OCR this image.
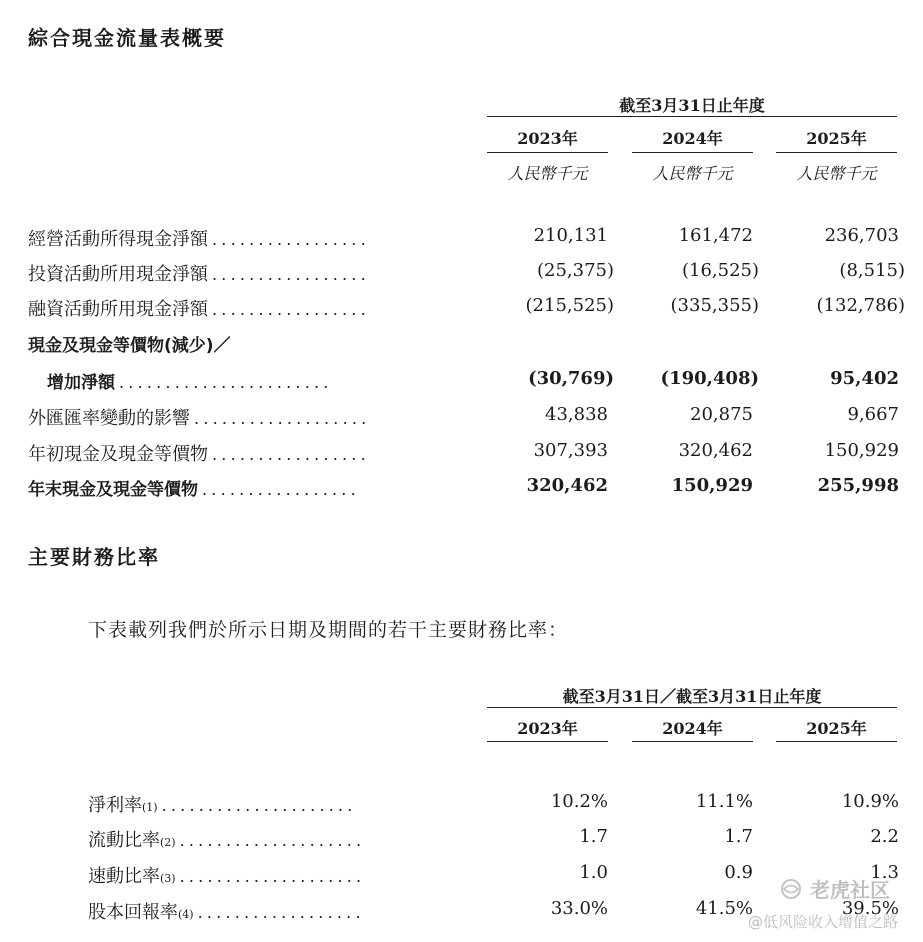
綜合現金流量表概要
截至3月31日止年度
2023年	2024年	2025年
人民幣千元	人民幣千元	人民幣千元
經營活動所得現金淨額 .................	210,131	161,472	236,703
投資活動所用現金淨額 .................	(25,375)	(16,525)	(8,515)
融資活動所用現金淨額 .................	(215,525)	(335,355)	(132,786)
現金及現金等價物(減少)／
增加淨額 .......................	(30,769)	(190,408)	95,402
外匯匯率變動的影響 ...................	43,838	20,875	9,667
年初現金及現金等價物 .................	307,393	320,462	150,929
年末現金及現金等價物 .................	320,462	150,929	255,998
主要財務比率
下表載列我們於所示日期及期間的若干主要財務比率：
截至3月31日／截至3月31日止年度
2023年	2024年	2025年
淨利率 (1) .....................	10.2%	11.1%	10.9%
流動比率 (2) ....................	1.7	1.7	2.2
速動比率 (3) ....................	1.0	0.9	1.3
股本回報率 (4) ..................	33.0%	41.5%	39.5%
老虎社区
@低风险收入增值之路
